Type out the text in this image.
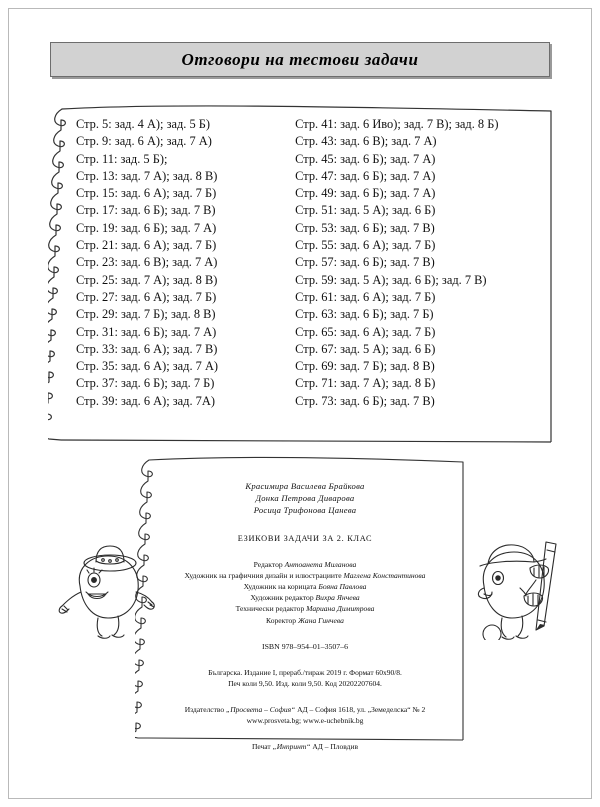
Отговори на тестови задачи
Стр. 5: зад. 4 А); зад. 5 Б)
Стр. 9: зад. 6 А); зад. 7 А)
Стр. 11: зад. 5 Б);
Стр. 13: зад. 7 А); зад. 8 В)
Стр. 15: зад. 6 А); зад. 7 Б)
Стр. 17: зад. 6 Б); зад. 7 В)
Стр. 19: зад. 6 Б); зад. 7 А)
Стр. 21: зад. 6 А); зад. 7 Б)
Стр. 23: зад. 6 В); зад. 7 А)
Стр. 25: зад. 7 А); зад. 8 В)
Стр. 27: зад. 6 А); зад. 7 Б)
Стр. 29: зад. 7 Б); зад. 8 В)
Стр. 31: зад. 6 Б); зад. 7 А)
Стр. 33: зад. 6 А); зад. 7 В)
Стр. 35: зад. 6 А); зад. 7 А)
Стр. 37: зад. 6 Б); зад. 7 Б)
Стр. 39: зад. 6 А); зад. 7А)
Стр. 41: зад. 6 Иво); зад. 7 В); зад. 8 Б)
Стр. 43: зад. 6 В); зад. 7 А)
Стр. 45: зад. 6 Б); зад. 7 А)
Стр. 47: зад. 6 Б); зад. 7 А)
Стр. 49: зад. 6 Б); зад. 7 А)
Стр. 51: зад. 5 А); зад. 6 Б)
Стр. 53: зад. 6 Б); зад. 7 В)
Стр. 55: зад. 6 А); зад. 7 Б)
Стр. 57: зад. 6 Б); зад. 7 В)
Стр. 59: зад. 5 А); зад. 6 Б); зад. 7 В)
Стр. 61: зад. 6 А); зад. 7 Б)
Стр. 63: зад. 6 Б); зад. 7 Б)
Стр. 65: зад. 6 А); зад. 7 Б)
Стр. 67: зад. 5 А); зад. 6 Б)
Стр. 69: зад. 7 Б); зад. 8 В)
Стр. 71: зад. 7 А); зад. 8 Б)
Стр. 73: зад. 6 Б); зад. 7 В)
Красимира Василева Брайкова
Донка Петрова Диварова
Росица Трифонова Цанева
ЕЗИКОВИ ЗАДАЧИ ЗА 2. КЛАС
Редактор Антоанета Миланова
Художник на графичния дизайн и илюстрациите Маглена Константинова
Художник на корицата Бояна Павлова
Художник редактор Вихра Янчева
Технически редактор Мариана Димитрова
Коректор Жана Гинчева
ISBN 978–954–01–3507–6
Българска. Издание I, прераб./тираж 2019 г. Формат 60х90/8.
Печ коли 9,50. Изд. коли 9,50. Код 20202207604.
Издателство „Просвета – София“ АД – София 1618, ул. „Земеделска“ № 2
www.prosveta.bg; www.e-uchebnik.bg
Печат „Инпринт“ АД – Пловдив
